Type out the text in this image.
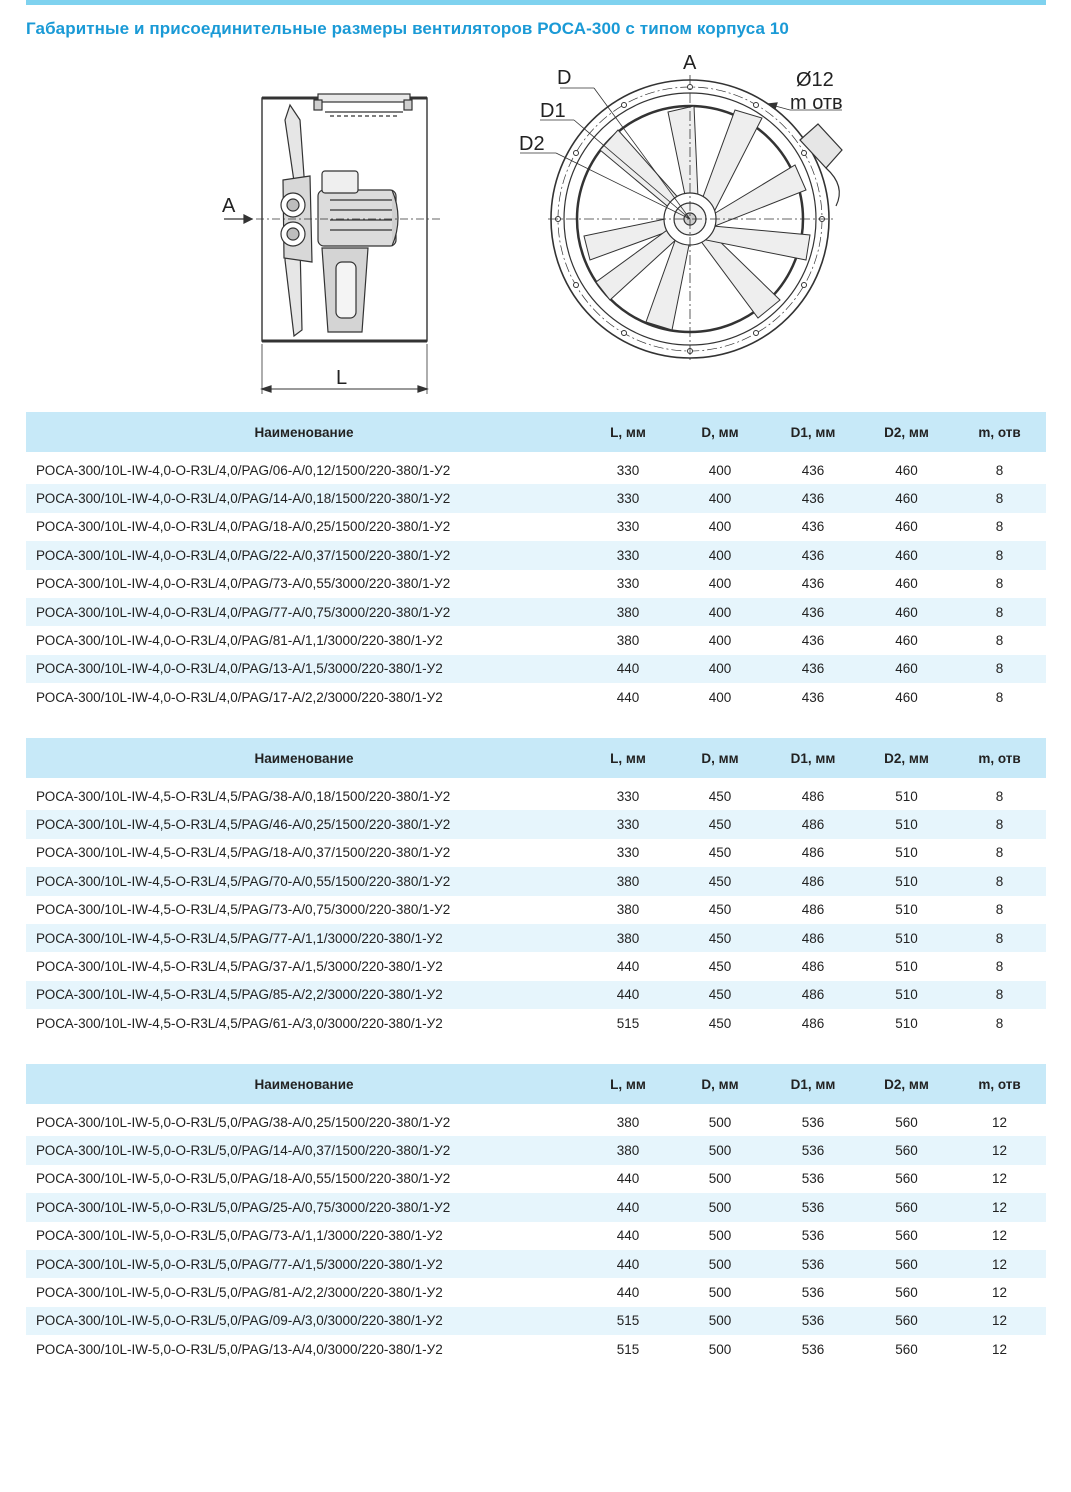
Габаритные и присоединительные размеры вентиляторов РОСА-300 с типом корпуса 10
A
L
A
D
D1
D2
Ø12
m отв
Наименование	L, мм	D, мм	D1, мм	D2, мм	m, отв
РОСА-300/10L-IW-4,0-O-R3L/4,0/PAG/06-A/0,12/1500/220-380/1-У2	330	400	436	460	8
РОСА-300/10L-IW-4,0-O-R3L/4,0/PAG/14-A/0,18/1500/220-380/1-У2	330	400	436	460	8
РОСА-300/10L-IW-4,0-O-R3L/4,0/PAG/18-A/0,25/1500/220-380/1-У2	330	400	436	460	8
РОСА-300/10L-IW-4,0-O-R3L/4,0/PAG/22-A/0,37/1500/220-380/1-У2	330	400	436	460	8
РОСА-300/10L-IW-4,0-O-R3L/4,0/PAG/73-A/0,55/3000/220-380/1-У2	330	400	436	460	8
РОСА-300/10L-IW-4,0-O-R3L/4,0/PAG/77-A/0,75/3000/220-380/1-У2	380	400	436	460	8
РОСА-300/10L-IW-4,0-O-R3L/4,0/PAG/81-A/1,1/3000/220-380/1-У2	380	400	436	460	8
РОСА-300/10L-IW-4,0-O-R3L/4,0/PAG/13-A/1,5/3000/220-380/1-У2	440	400	436	460	8
РОСА-300/10L-IW-4,0-O-R3L/4,0/PAG/17-A/2,2/3000/220-380/1-У2	440	400	436	460	8
Наименование	L, мм	D, мм	D1, мм	D2, мм	m, отв
РОСА-300/10L-IW-4,5-O-R3L/4,5/PAG/38-A/0,18/1500/220-380/1-У2	330	450	486	510	8
РОСА-300/10L-IW-4,5-O-R3L/4,5/PAG/46-A/0,25/1500/220-380/1-У2	330	450	486	510	8
РОСА-300/10L-IW-4,5-O-R3L/4,5/PAG/18-A/0,37/1500/220-380/1-У2	330	450	486	510	8
РОСА-300/10L-IW-4,5-O-R3L/4,5/PAG/70-A/0,55/1500/220-380/1-У2	380	450	486	510	8
РОСА-300/10L-IW-4,5-O-R3L/4,5/PAG/73-A/0,75/3000/220-380/1-У2	380	450	486	510	8
РОСА-300/10L-IW-4,5-O-R3L/4,5/PAG/77-A/1,1/3000/220-380/1-У2	380	450	486	510	8
РОСА-300/10L-IW-4,5-O-R3L/4,5/PAG/37-A/1,5/3000/220-380/1-У2	440	450	486	510	8
РОСА-300/10L-IW-4,5-O-R3L/4,5/PAG/85-A/2,2/3000/220-380/1-У2	440	450	486	510	8
РОСА-300/10L-IW-4,5-O-R3L/4,5/PAG/61-A/3,0/3000/220-380/1-У2	515	450	486	510	8
Наименование	L, мм	D, мм	D1, мм	D2, мм	m, отв
РОСА-300/10L-IW-5,0-O-R3L/5,0/PAG/38-A/0,25/1500/220-380/1-У2	380	500	536	560	12
РОСА-300/10L-IW-5,0-O-R3L/5,0/PAG/14-A/0,37/1500/220-380/1-У2	380	500	536	560	12
РОСА-300/10L-IW-5,0-O-R3L/5,0/PAG/18-A/0,55/1500/220-380/1-У2	440	500	536	560	12
РОСА-300/10L-IW-5,0-O-R3L/5,0/PAG/25-A/0,75/3000/220-380/1-У2	440	500	536	560	12
РОСА-300/10L-IW-5,0-O-R3L/5,0/PAG/73-A/1,1/3000/220-380/1-У2	440	500	536	560	12
РОСА-300/10L-IW-5,0-O-R3L/5,0/PAG/77-A/1,5/3000/220-380/1-У2	440	500	536	560	12
РОСА-300/10L-IW-5,0-O-R3L/5,0/PAG/81-A/2,2/3000/220-380/1-У2	440	500	536	560	12
РОСА-300/10L-IW-5,0-O-R3L/5,0/PAG/09-A/3,0/3000/220-380/1-У2	515	500	536	560	12
РОСА-300/10L-IW-5,0-O-R3L/5,0/PAG/13-A/4,0/3000/220-380/1-У2	515	500	536	560	12
